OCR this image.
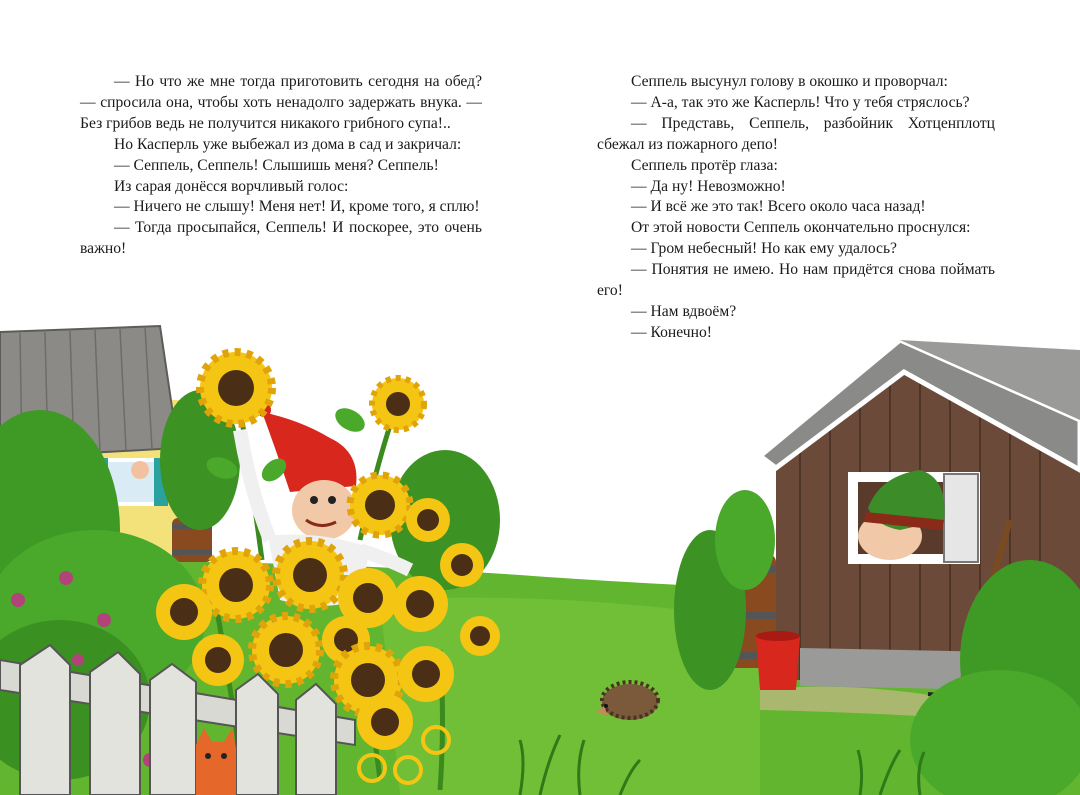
— Но что же мне тогда приготовить сегодня на обед? — спросила она, чтобы хоть ненадолго задержать внука. — Без грибов ведь не получится никакого грибного супа!..

Но Касперль уже выбежал из дома в сад и закричал:

— Сеппель, Сеппель! Слышишь меня? Сеппель!

Из сарая донёсся ворчливый голос:

— Ничего не слышу! Меня нет! И, кроме того, я сплю!

— Тогда просыпайся, Сеппель! И поскорее, это очень важно!

Сеппель высунул голову в окошко и проворчал:

— А-а, так это же Касперль! Что у тебя стряслось?

— Представь, Сеппель, разбойник Хотценплотц сбежал из пожарного депо!

Сеппель протёр глаза:

— Да ну! Невозможно!

— И всё же это так! Всего около часа назад!

От этой новости Сеппель окончательно проснулся:

— Гром небесный! Но как ему удалось?

— Понятия не имею. Но нам придётся снова поймать его!

— Нам вдвоём?

— Конечно!
